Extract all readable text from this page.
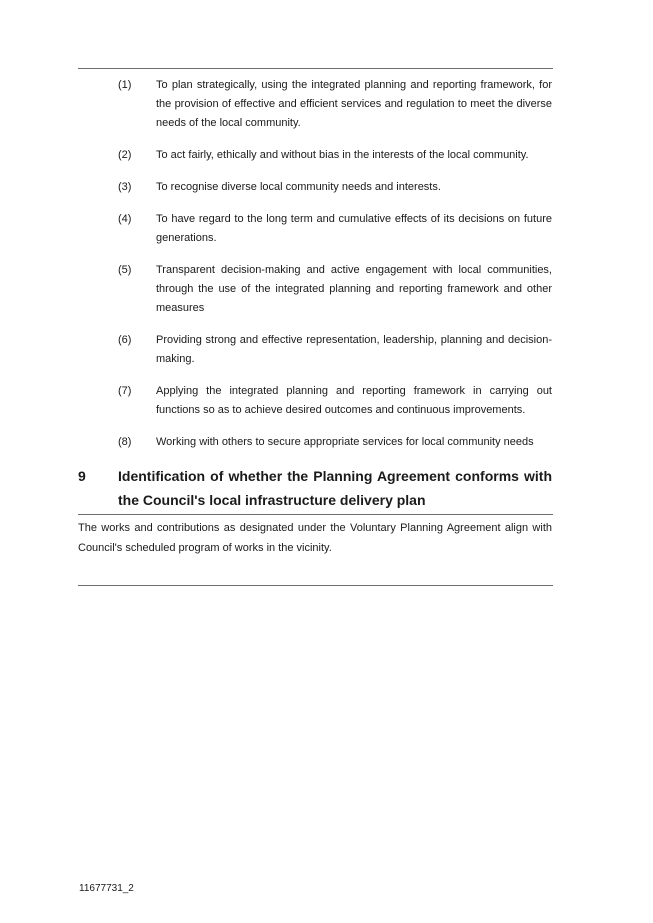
(1)	To plan strategically, using the integrated planning and reporting framework, for the provision of effective and efficient services and regulation to meet the diverse needs of the local community.
(2)	To act fairly, ethically and without bias in the interests of the local community.
(3)	To recognise diverse local community needs and interests.
(4)	To have regard to the long term and cumulative effects of its decisions on future generations.
(5)	Transparent decision-making and active engagement with local communities, through the use of the integrated planning and reporting framework and other measures
(6)	Providing strong and effective representation, leadership, planning and decision-making.
(7)	Applying the integrated planning and reporting framework in carrying out functions so as to achieve desired outcomes and continuous improvements.
(8)	Working with others to secure appropriate services for local community needs
9	Identification of whether the Planning Agreement conforms with the Council's local infrastructure delivery plan

The works and contributions as designated under the Voluntary Planning Agreement align with Council's scheduled program of works in the vicinity.

11677731_2
